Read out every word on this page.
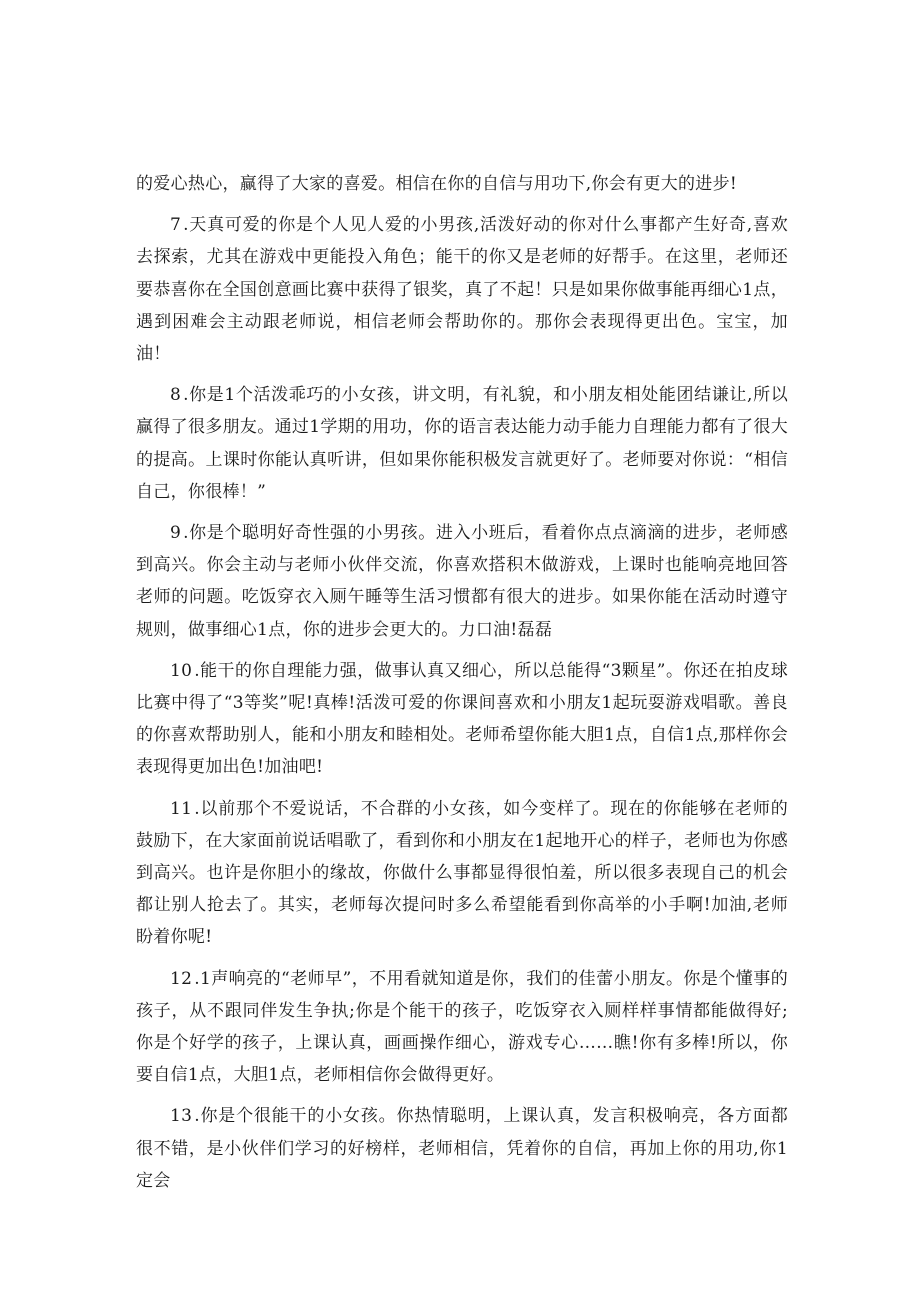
的爱心热心，赢得了大家的喜爱。相信在你的自信与用功下,你会有更大的进步!

7 .天真可爱的你是个人见人爱的小男孩,活泼好动的你对什么事都产生好奇,喜欢去探索，尤其在游戏中更能投入角色；能干的你又是老师的好帮手。在这里，老师还要恭喜你在全国创意画比赛中获得了银奖，真了不起！只是如果你做事能再细心1点，遇到困难会主动跟老师说，相信老师会帮助你的。那你会表现得更出色。宝宝，加油！

8 .你是1个活泼乖巧的小女孩，讲文明，有礼貌，和小朋友相处能团结谦让,所以赢得了很多朋友。通过1学期的用功，你的语言表达能力动手能力自理能力都有了很大的提高。上课时你能认真听讲，但如果你能积极发言就更好了。老师要对你说：“相信自己，你很棒！”

9 .你是个聪明好奇性强的小男孩。进入小班后，看着你点点滴滴的进步，老师感到高兴。你会主动与老师小伙伴交流，你喜欢搭积木做游戏，上课时也能响亮地回答老师的问题。吃饭穿衣入厕午睡等生活习惯都有很大的进步。如果你能在活动时遵守规则，做事细心1点，你的进步会更大的。力口油!磊磊

10 .能干的你自理能力强，做事认真又细心，所以总能得“3颗星”。你还在拍皮球比赛中得了“3等奖”呢!真棒!活泼可爱的你课间喜欢和小朋友1起玩耍游戏唱歌。善良的你喜欢帮助别人，能和小朋友和睦相处。老师希望你能大胆1点，自信1点,那样你会表现得更加出色!加油吧!

11 .以前那个不爱说话，不合群的小女孩，如今变样了。现在的你能够在老师的鼓励下，在大家面前说话唱歌了，看到你和小朋友在1起地开心的样子，老师也为你感到高兴。也许是你胆小的缘故，你做什么事都显得很怕羞，所以很多表现自己的机会都让别人抢去了。其实，老师每次提问时多么希望能看到你高举的小手啊!加油,老师盼着你呢!

12 .1声响亮的“老师早”，不用看就知道是你，我们的佳蕾小朋友。你是个懂事的孩子，从不跟同伴发生争执;你是个能干的孩子，吃饭穿衣入厕样样事情都能做得好;你是个好学的孩子，上课认真，画画操作细心，游戏专心……瞧!你有多棒!所以，你要自信1点，大胆1点，老师相信你会做得更好。

13 .你是个很能干的小女孩。你热情聪明，上课认真，发言积极响亮，各方面都很不错，是小伙伴们学习的好榜样，老师相信，凭着你的自信，再加上你的用功,你1定会
